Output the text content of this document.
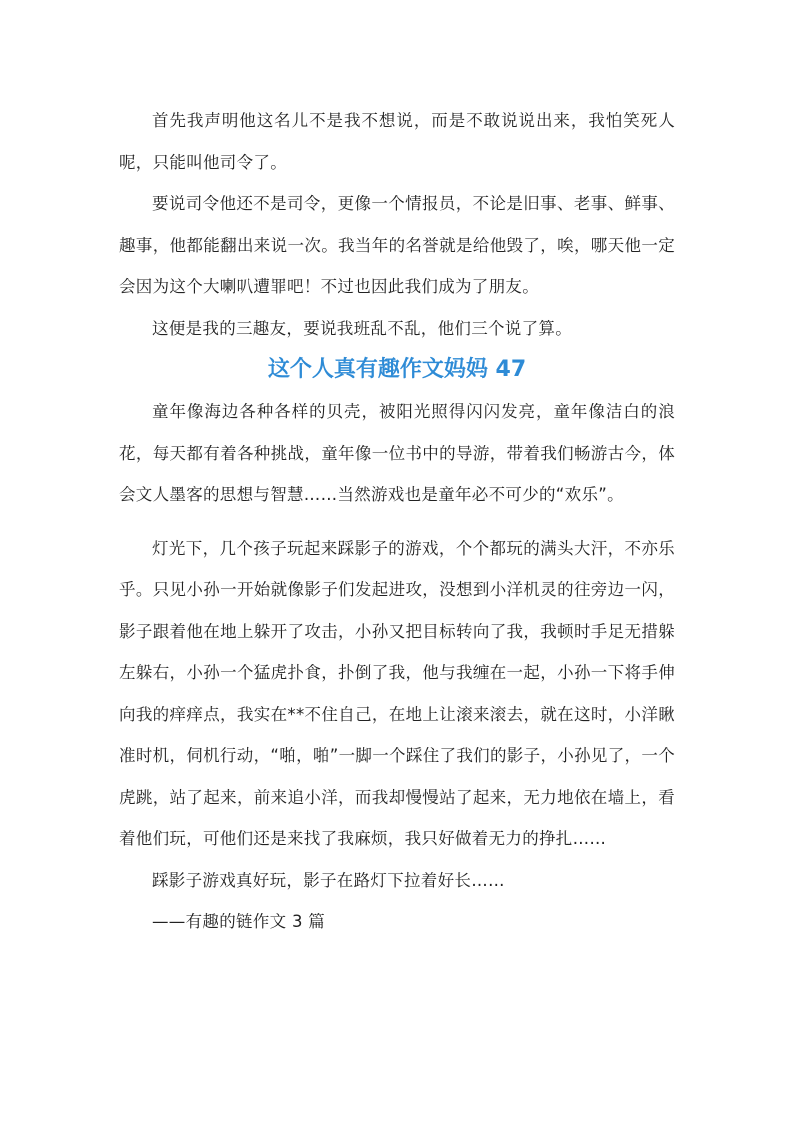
首先我声明他这名儿不是我不想说，而是不敢说说出来，我怕笑死人呢，只能叫他司令了。

要说司令他还不是司令，更像一个情报员，不论是旧事、老事、鲜事、趣事，他都能翻出来说一次。我当年的名誉就是给他毁了，唉，哪天他一定会因为这个大喇叭遭罪吧！不过也因此我们成为了朋友。

这便是我的三趣友，要说我班乱不乱，他们三个说了算。

这个人真有趣作文妈妈 47

童年像海边各种各样的贝壳，被阳光照得闪闪发亮，童年像洁白的浪花，每天都有着各种挑战，童年像一位书中的导游，带着我们畅游古今，体会文人墨客的思想与智慧……当然游戏也是童年必不可少的“欢乐”。

灯光下，几个孩子玩起来踩影子的游戏，个个都玩的满头大汗，不亦乐乎。只见小孙一开始就像影子们发起进攻，没想到小洋机灵的往旁边一闪，影子跟着他在地上躲开了攻击，小孙又把目标转向了我，我顿时手足无措躲左躲右，小孙一个猛虎扑食，扑倒了我，他与我缠在一起，小孙一下将手伸向我的痒痒点，我实在**不住自己，在地上让滚来滚去，就在这时，小洋瞅准时机，伺机行动，“啪，啪”一脚一个踩住了我们的影子，小孙见了，一个虎跳，站了起来，前来追小洋，而我却慢慢站了起来，无力地依在墙上，看着他们玩，可他们还是来找了我麻烦，我只好做着无力的挣扎……

踩影子游戏真好玩，影子在路灯下拉着好长……

——有趣的链作文 3 篇
